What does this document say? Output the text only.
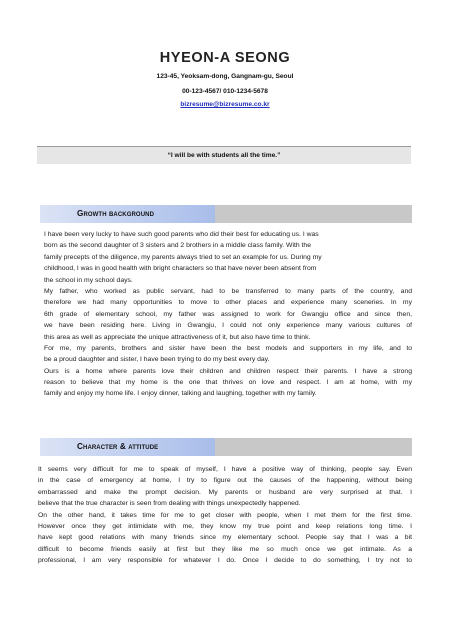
HYEON-A SEONG
123-45, Yeoksam-dong, Gangnam-gu, Seoul
00-123-4567/ 010-1234-5678
bizresume@bizresume.co.kr
“I will be with students all the time.”
Growth background
I have been very lucky to have such good parents who did their best for educating us. I was
born as the second daughter of 3 sisters and 2 brothers in a middle class family. With the
family precepts of the diligence, my parents always tried to set an example for us. During my
childhood, I was in good health with bright characters so that have never been absent from
the school in my school days.
My father, who worked as public servant, had to be transferred to many parts of the country, and
therefore we had many opportunities to move to other places and experience many sceneries. In my
6th grade of elementary school, my father was assigned to work for Gwangju office and since then,
we have been residing here. Living in Gwangju, I could not only experience many various cultures of
this area as well as appreciate the unique attractiveness of it, but also have time to think.
For me, my parents, brothers and sister have been the best models and supporters in my life, and to
be a proud daughter and sister, I have been trying to do my best every day.
Ours is a home where parents love their children and children respect their parents. I have a strong
reason to believe that my home is the one that thrives on love and respect. I am at home, with my
family and enjoy my home life. I enjoy dinner, talking and laughing, together with my family.
Character & attitude
It seems very difficult for me to speak of myself, I have a positive way of thinking, people say. Even
in the case of emergency at home, I try to figure out the causes of the happening, without being
embarrassed and make the prompt decision. My parents or husband are very surprised at that. I
believe that the true character is seen from dealing with things unexpectedly happened.
On the other hand, it takes time for me to get closer with people, when I met them for the first time.
However once they get intimidate with me, they know my true point and keep relations long time. I
have kept good relations with many friends since my elementary school. People say that I was a bit
difficult to become friends easily at first but they like me so much once we get intimate. As a
professional, I am very responsible for whatever I do. Once I decide to do something, I try not to
